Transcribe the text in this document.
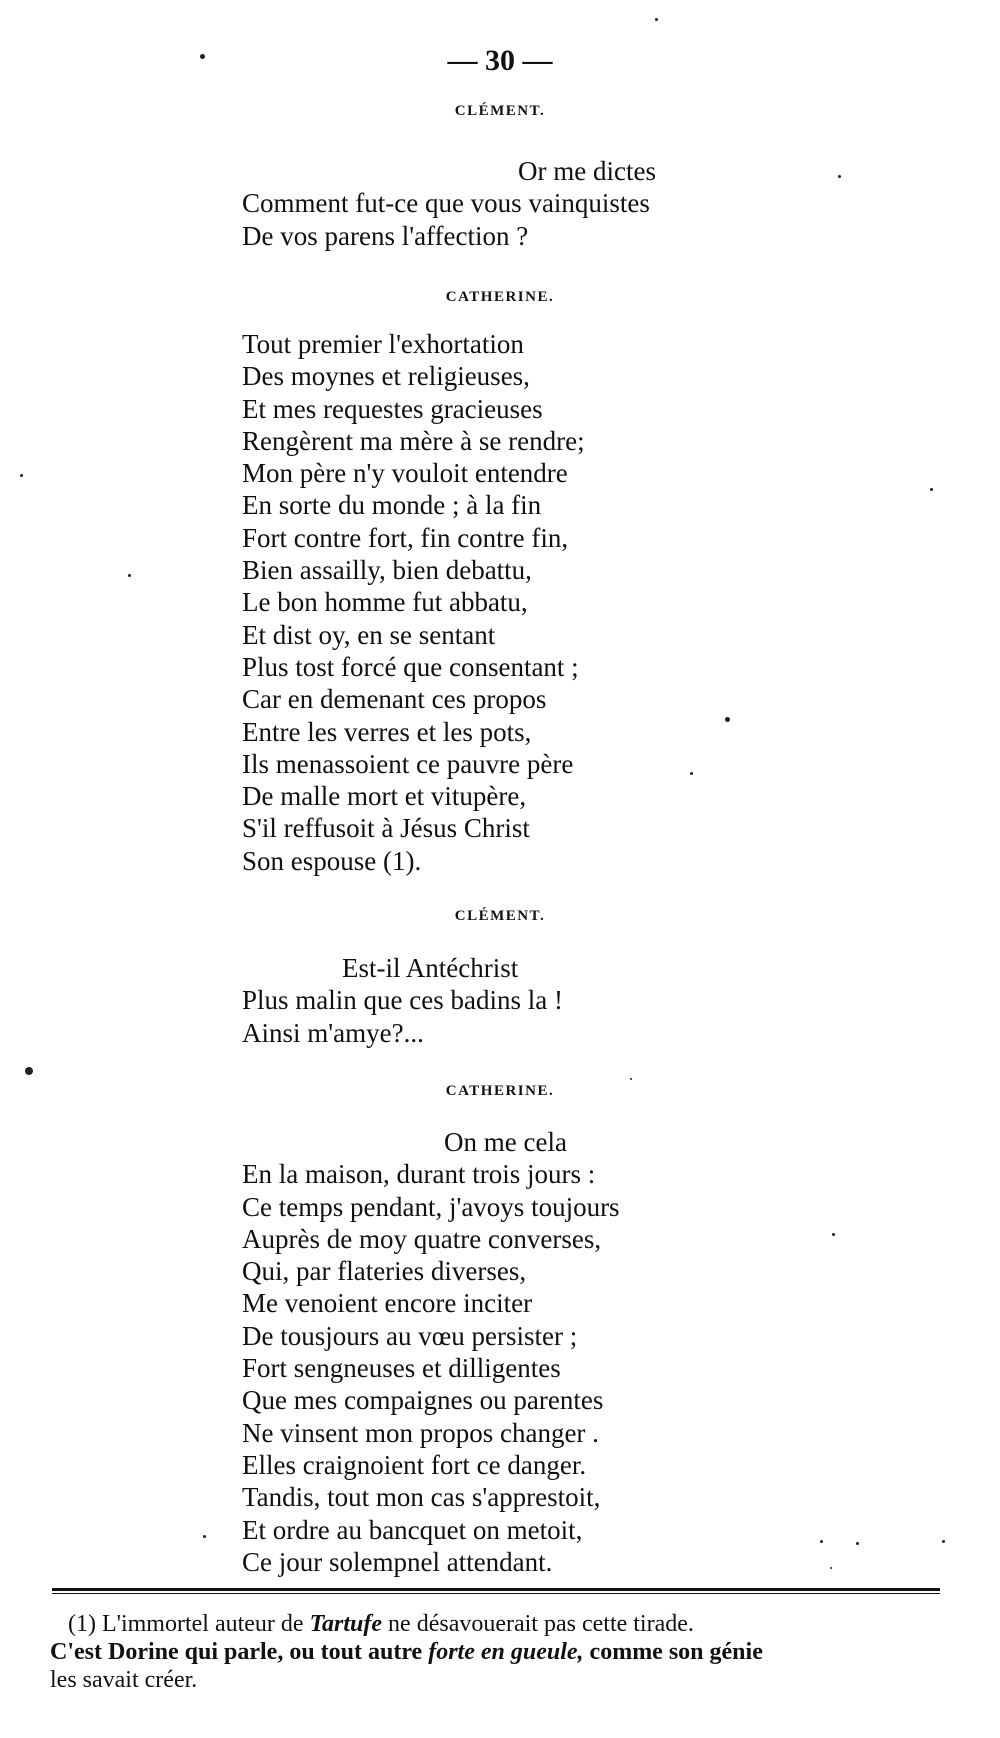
— 30 —
CLÉMENT.
Or me dictes
Comment fut-ce que vous vainquistes
De vos parens l'affection ?
CATHERINE.
Tout premier l'exhortation
Des moynes et religieuses,
Et mes requestes gracieuses
Rengèrent ma mère à se rendre;
Mon père n'y vouloit entendre
En sorte du monde ; à la fin
Fort contre fort, fin contre fin,
Bien assailly, bien debattu,
Le bon homme fut abbatu,
Et dist oy, en se sentant
Plus tost forcé que consentant ;
Car en demenant ces propos
Entre les verres et les pots,
Ils menassoient ce pauvre père
De malle mort et vitupère,
S'il reffusoit à Jésus Christ
Son espouse (1).
CLÉMENT.
Est-il Antéchrist
Plus malin que ces badins la !
Ainsi m'amye?...
CATHERINE.
On me cela
En la maison, durant trois jours :
Ce temps pendant, j'avoys toujours
Auprès de moy quatre converses,
Qui, par flateries diverses,
Me venoient encore inciter
De tousjours au vœu persister ;
Fort sengneuses et dilligentes
Que mes compaignes ou parentes
Ne vinsent mon propos changer .
Elles craignoient fort ce danger.
Tandis, tout mon cas s'apprestoit,
Et ordre au bancquet on metoit,
Ce jour solempnel attendant.
(1) L'immortel auteur de Tartufe ne désavouerait pas cette tirade.
C'est Dorine qui parle, ou tout autre forte en gueule, comme son génie
les savait créer.
